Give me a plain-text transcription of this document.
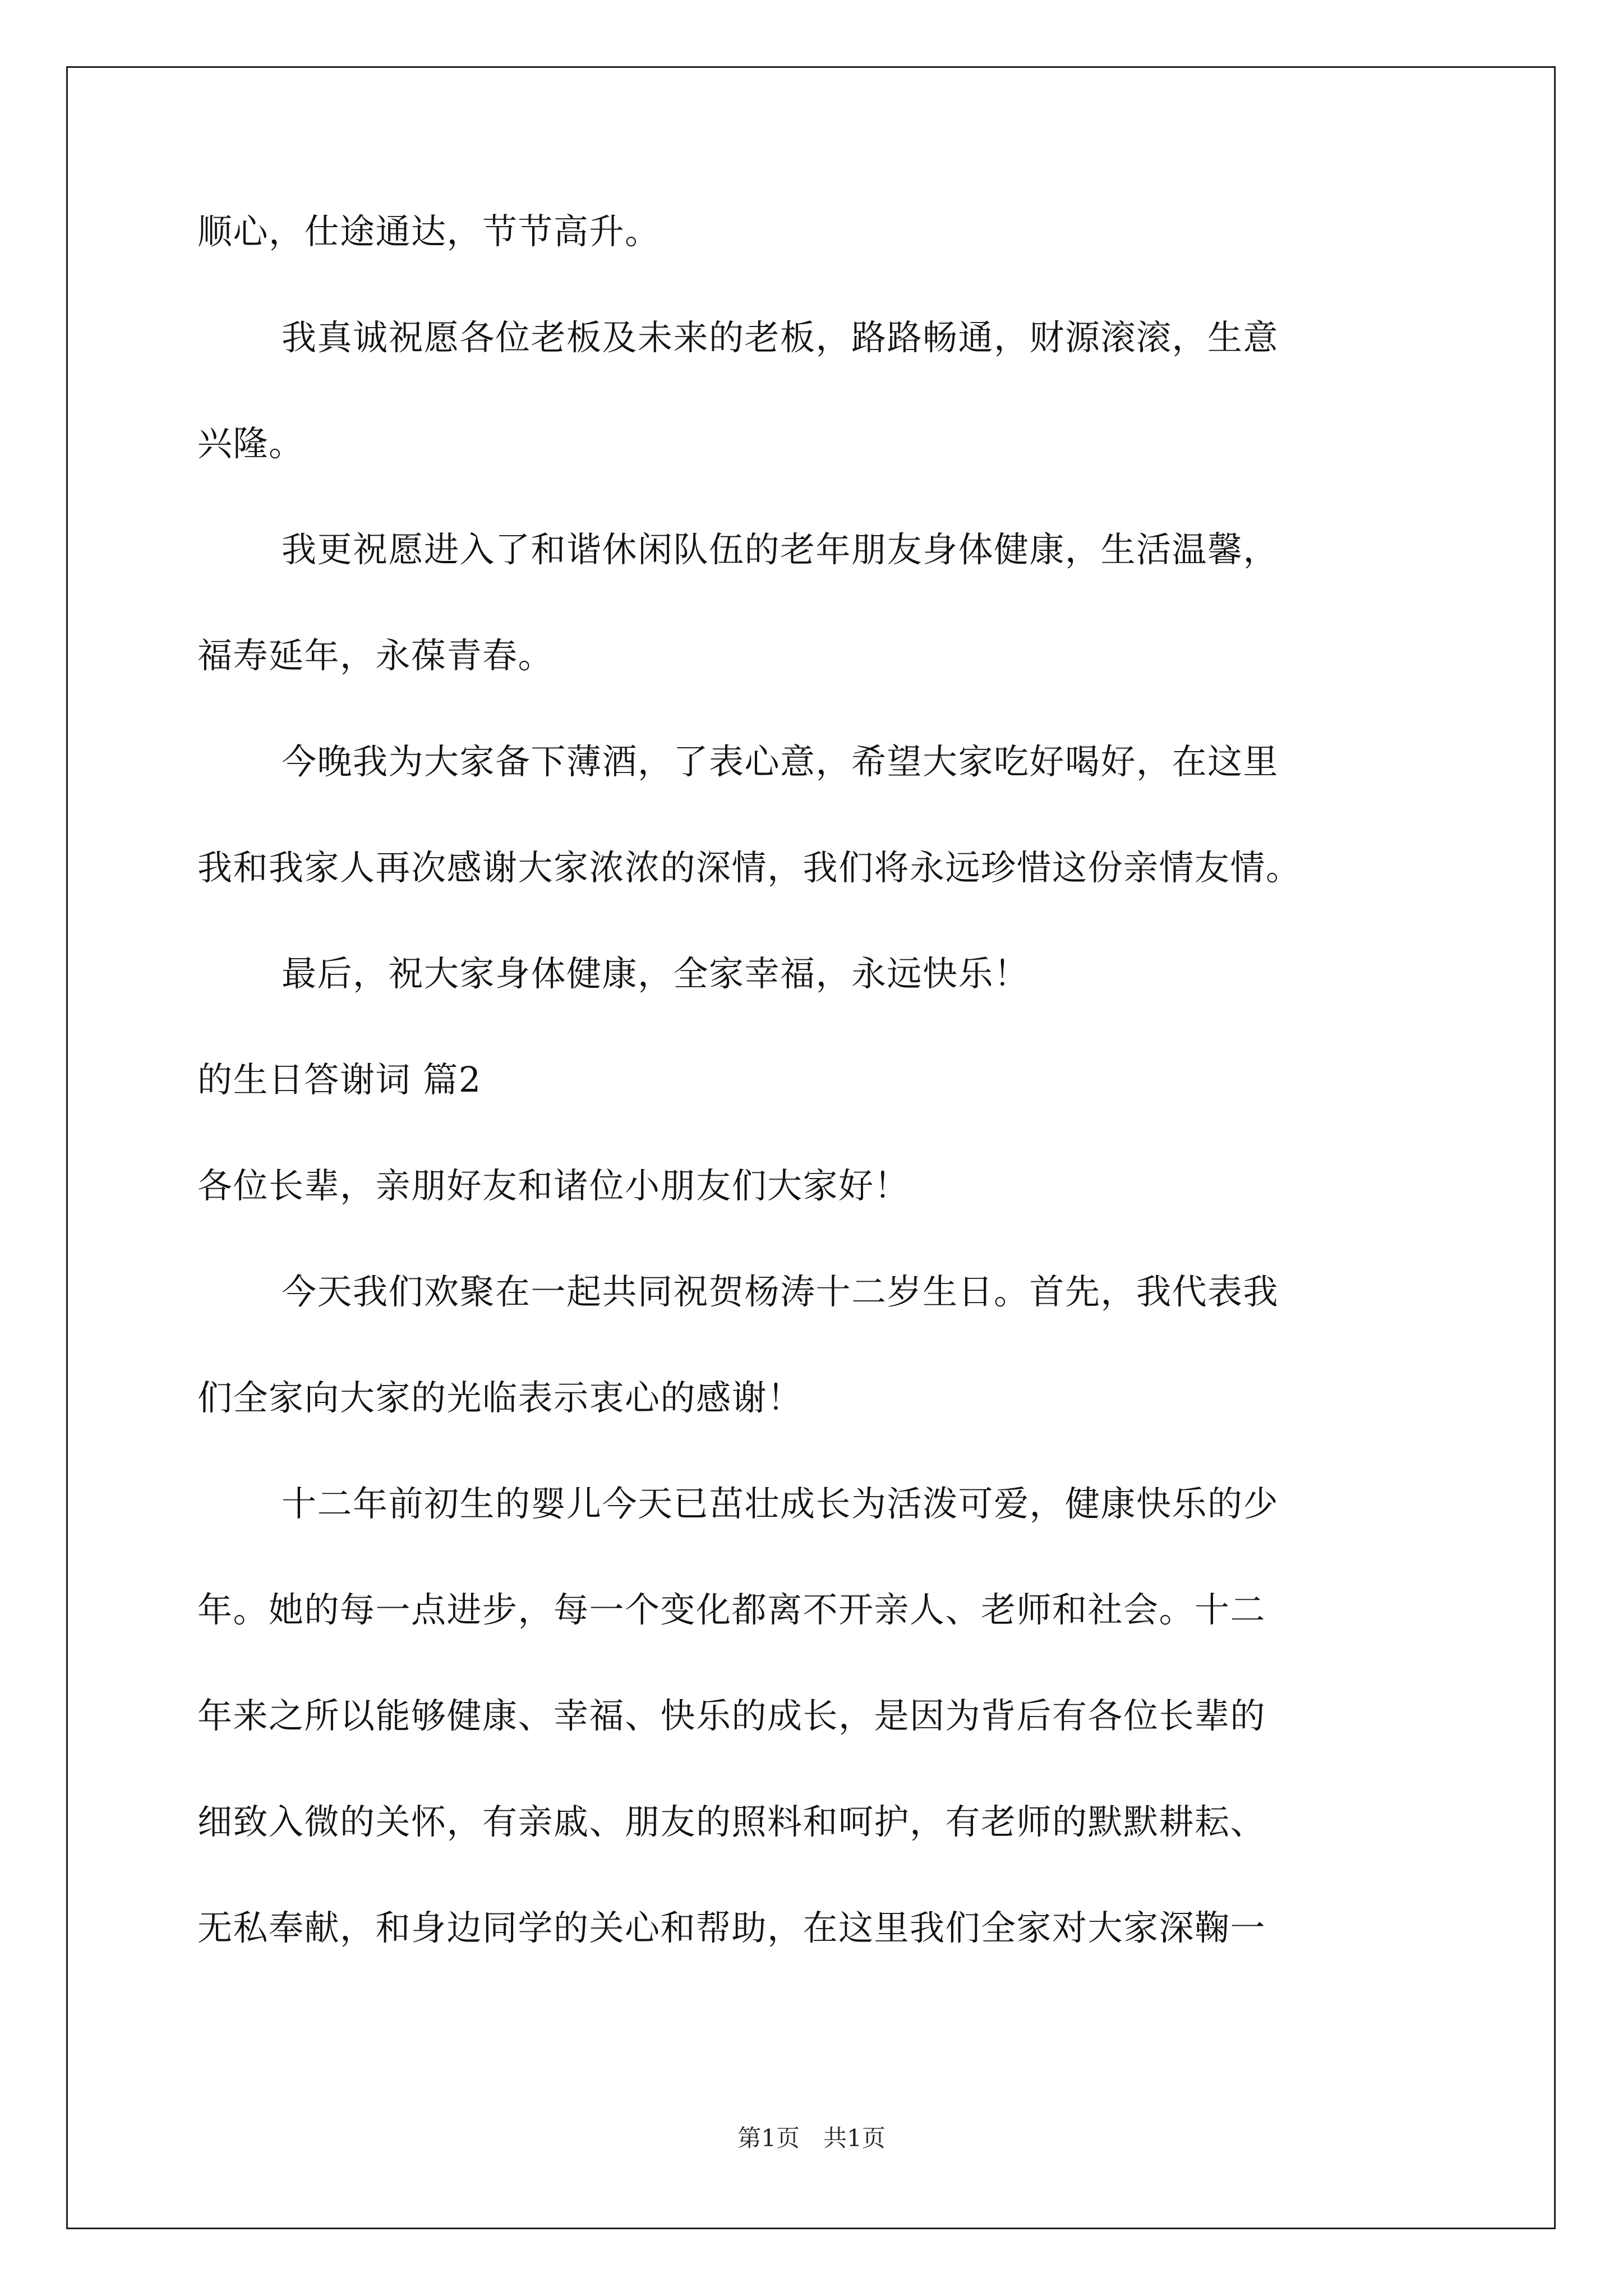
顺心，仕途通达，节节高升。
我真诚祝愿各位老板及未来的老板，路路畅通，财源滚滚，生意
兴隆。
我更祝愿进入了和谐休闲队伍的老年朋友身体健康，生活温馨，
福寿延年，永葆青春。
今晚我为大家备下薄酒，了表心意，希望大家吃好喝好，在这里
我和我家人再次感谢大家浓浓的深情，我们将永远珍惜这份亲情友情。
最后，祝大家身体健康，全家幸福，永远快乐！
的生日答谢词 篇2
各位长辈，亲朋好友和诸位小朋友们大家好！
今天我们欢聚在一起共同祝贺杨涛十二岁生日。首先，我代表我
们全家向大家的光临表示衷心的感谢！
十二年前初生的婴儿今天已茁壮成长为活泼可爱，健康快乐的少
年。她的每一点进步，每一个变化都离不开亲人、老师和社会。十二
年来之所以能够健康、幸福、快乐的成长，是因为背后有各位长辈的
细致入微的关怀，有亲戚、朋友的照料和呵护，有老师的默默耕耘、
无私奉献，和身边同学的关心和帮助，在这里我们全家对大家深鞠一
第1页　共1页
